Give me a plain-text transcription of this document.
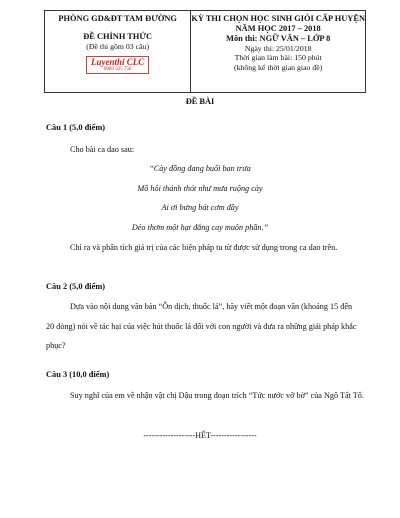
PHÒNG GD&ĐT TAM ĐƯỜNG
ĐỀ CHÍNH THỨC
(Đề thi gồm 03 câu)
Luyenthi CLC
0969 325 756
KỲ THI CHỌN HỌC SINH GIỎI CẤP HUYỆN
NĂM HỌC 2017 – 2018
Môn thi: NGỮ VĂN – LỚP 8
Ngày thi: 25/01/2018
Thời gian làm bài: 150 phút
(không kể thời gian giao đề)
ĐỀ BÀI
Câu 1 (5,0 điểm)
Cho bài ca dao sau:
“Cày đồng đang buổi ban trưa
Mồ hôi thánh thót như mưa ruộng cày
Ai ơi bưng bát cơm đầy
Dẻo thơm một hạt đắng cay muôn phần.”
Chỉ ra và phân tích giá trị của các biện pháp tu từ được sử dụng trong ca dao trên.
Câu 2 (5,0 điểm)
Dựa vào nội dung văn bản “Ôn dịch, thuốc lá”, hãy viết một đoạn văn (khoảng 15 đến
20 dòng) nói về tác hại của việc hút thuốc lá đối với con người và đưa ra những giải pháp khắc
phục?
Câu 3 (10,0 điểm)
Suy nghĩ của em về nhận vật chị Dậu trong đoạn trích “Tức nước vỡ bờ” của Ngô Tất Tố.
-------------------HẾT-----------------
